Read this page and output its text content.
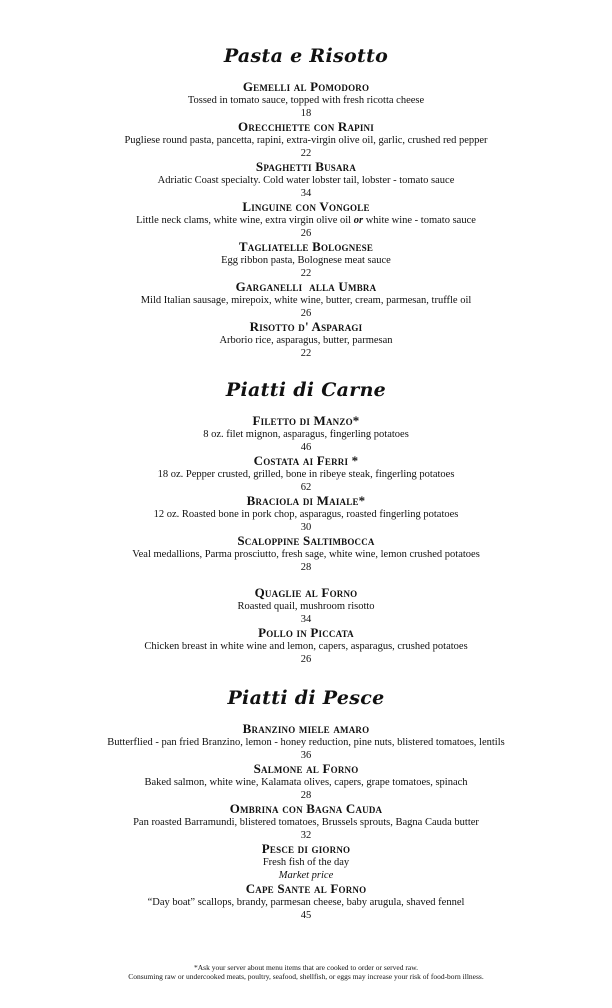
Pasta e Risotto
Gemelli al Pomodoro
Tossed in tomato sauce, topped with fresh ricotta cheese
18
Orecchiette con Rapini
Pugliese round pasta, pancetta, rapini, extra-virgin olive oil, garlic, crushed red pepper
22
Spaghetti Busara
Adriatic Coast specialty. Cold water lobster tail, lobster - tomato sauce
34
Linguine con Vongole
Little neck clams, white wine, extra virgin olive oil or white wine - tomato sauce
26
Tagliatelle Bolognese
Egg ribbon pasta, Bolognese meat sauce
22
Garganelli  alla Umbra
Mild Italian sausage, mirepoix, white wine, butter, cream, parmesan, truffle oil
26
Risotto d' Asparagi
Arborio rice, asparagus, butter, parmesan
22
Piatti di Carne
Filetto di Manzo*
8 oz. filet mignon, asparagus, fingerling potatoes
46
Costata ai Ferri *
18 oz. Pepper crusted, grilled, bone in ribeye steak, fingerling potatoes
62
Braciola di Maiale*
12 oz. Roasted bone in pork chop, asparagus, roasted fingerling potatoes
30
Scaloppine Saltimbocca
Veal medallions, Parma prosciutto, fresh sage, white wine, lemon crushed potatoes
28
Quaglie al Forno
Roasted quail, mushroom risotto
34
Pollo in Piccata
Chicken breast in white wine and lemon, capers, asparagus, crushed potatoes
26
Piatti di Pesce
Branzino miele amaro
Butterflied - pan fried Branzino, lemon - honey reduction, pine nuts, blistered tomatoes, lentils
36
Salmone al Forno
Baked salmon, white wine, Kalamata olives, capers, grape tomatoes, spinach
28
Ombrina con Bagna Cauda
Pan roasted Barramundi, blistered tomatoes, Brussels sprouts, Bagna Cauda butter
32
Pesce di giorno
Fresh fish of the day
Market price
Cape Sante al Forno
“Day boat” scallops, brandy, parmesan cheese, baby arugula, shaved fennel
45
*Ask your server about menu items that are cooked to order or served raw.
Consuming raw or undercooked meats, poultry, seafood, shellfish, or eggs may increase your risk of food-born illness.
